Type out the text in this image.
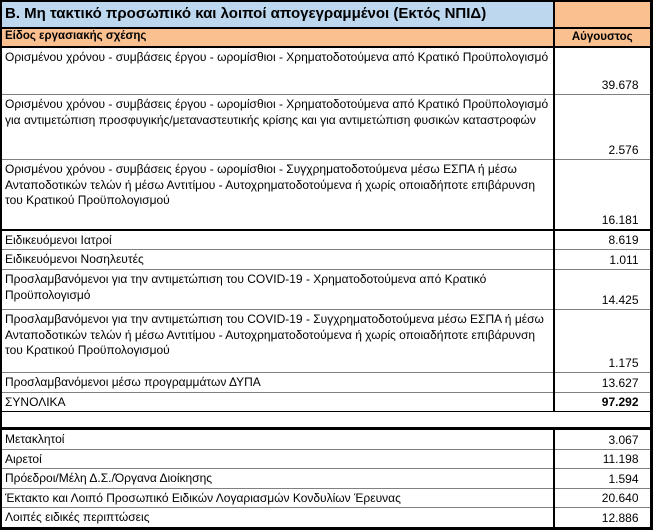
Β. Μη τακτικό προσωπικό και λοιποί απογεγραμμένοι (Εκτός ΝΠΙΔ)	
Είδος εργασιακής σχέσης	Αύγουστος
Ορισμένου χρόνου - συμβάσεις έργου - ωρομίσθιοι - Χρηματοδοτούμενα από Κρατικό Προϋπολογισμό	39.678
Ορισμένου χρόνου - συμβάσεις έργου - ωρομίσθιοι - Χρηματοδοτούμενα από Κρατικό Προϋπολογισμό για αντιμετώπιση προσφυγικής/μεταναστευτικής κρίσης και για αντιμετώπιση φυσικών καταστροφών	2.576
Ορισμένου χρόνου - συμβάσεις έργου - ωρομίσθιοι - Συγχρηματοδοτούμενα μέσω ΕΣΠΑ ή μέσω Ανταποδοτικών τελών ή μέσω Αντιτίμου - Αυτοχρηματοδοτούμενα ή χωρίς οποιαδήποτε επιβάρυνση του Κρατικού Προϋπολογισμού	16.181
Ειδικευόμενοι Ιατροί	8.619
Ειδικευόμενοι Νοσηλευτές	1.011
Προσλαμβανόμενοι για την αντιμετώπιση του COVID-19 - Χρηματοδοτούμενα από Κρατικό Προϋπολογισμό	14.425
Προσλαμβανόμενοι για την αντιμετώπιση του COVID-19 - Συγχρηματοδοτούμενα μέσω ΕΣΠΑ ή μέσω Ανταποδοτικών τελών ή μέσω Αντιτίμου - Αυτοχρηματοδοτούμενα ή χωρίς οποιαδήποτε επιβάρυνση του Κρατικού Προϋπολογισμού	1.175
Προσλαμβανόμενοι μέσω προγραμμάτων ΔΥΠΑ	13.627
ΣΥΝΟΛΙΚΑ	97.292

Μετακλητοί	3.067
Αιρετοί	11.198
Πρόεδροι/Μέλη Δ.Σ./Όργανα Διοίκησης	1.594
Έκτακτο και Λοιπό Προσωπικό Ειδικών Λογαριασμών Κονδυλίων Έρευνας	20.640
Λοιπές ειδικές περιπτώσεις	12.886
